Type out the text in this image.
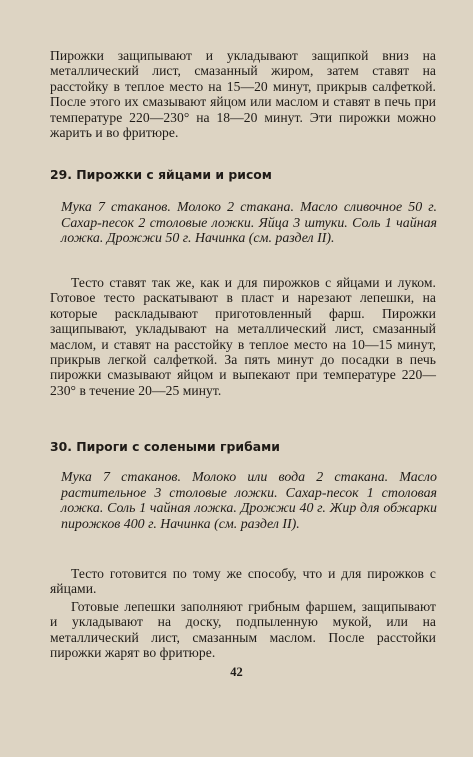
Пирожки защипывают и укладывают защипкой вниз на металлический лист, смазанный жиром, затем ставят на расстойку в теплое место на 15—20 минут, прикрыв салфеткой. После этого их смазывают яйцом или маслом и ставят в печь при температуре 220—230° на 18—20 минут. Эти пирожки можно жарить и во фритюре.
29. Пирожки с яйцами и рисом
Мука 7 стаканов. Молоко 2 стакана. Масло сливочное 50 г. Сахар-песок 2 столовые ложки. Яйца 3 штуки. Соль 1 чайная ложка. Дрожжи 50 г. Начинка (см. раздел II).
Тесто ставят так же, как и для пирожков с яйцами и луком. Готовое тесто раскатывают в пласт и нарезают лепешки, на которые раскладывают приготовленный фарш. Пирожки защипывают, укладывают на металлический лист, смазанный маслом, и ставят на расстойку в теплое место на 10—15 минут, прикрыв легкой салфеткой. За пять минут до посадки в печь пирожки смазывают яйцом и выпекают при температуре 220—230° в течение 20—25 минут.
30. Пироги с солеными грибами
Мука 7 стаканов. Молоко или вода 2 стакана. Масло растительное 3 столовые ложки. Сахар-песок 1 столовая ложка. Соль 1 чайная ложка. Дрожжи 40 г. Жир для обжарки пирожков 400 г. Начинка (см. раздел II).
Тесто готовится по тому же способу, что и для пирожков с яйцами.
Готовые лепешки заполняют грибным фаршем, защипывают и укладывают на доску, подпыленную мукой, или на металлический лист, смазанным маслом. После расстойки пирожки жарят во фритюре.
42
